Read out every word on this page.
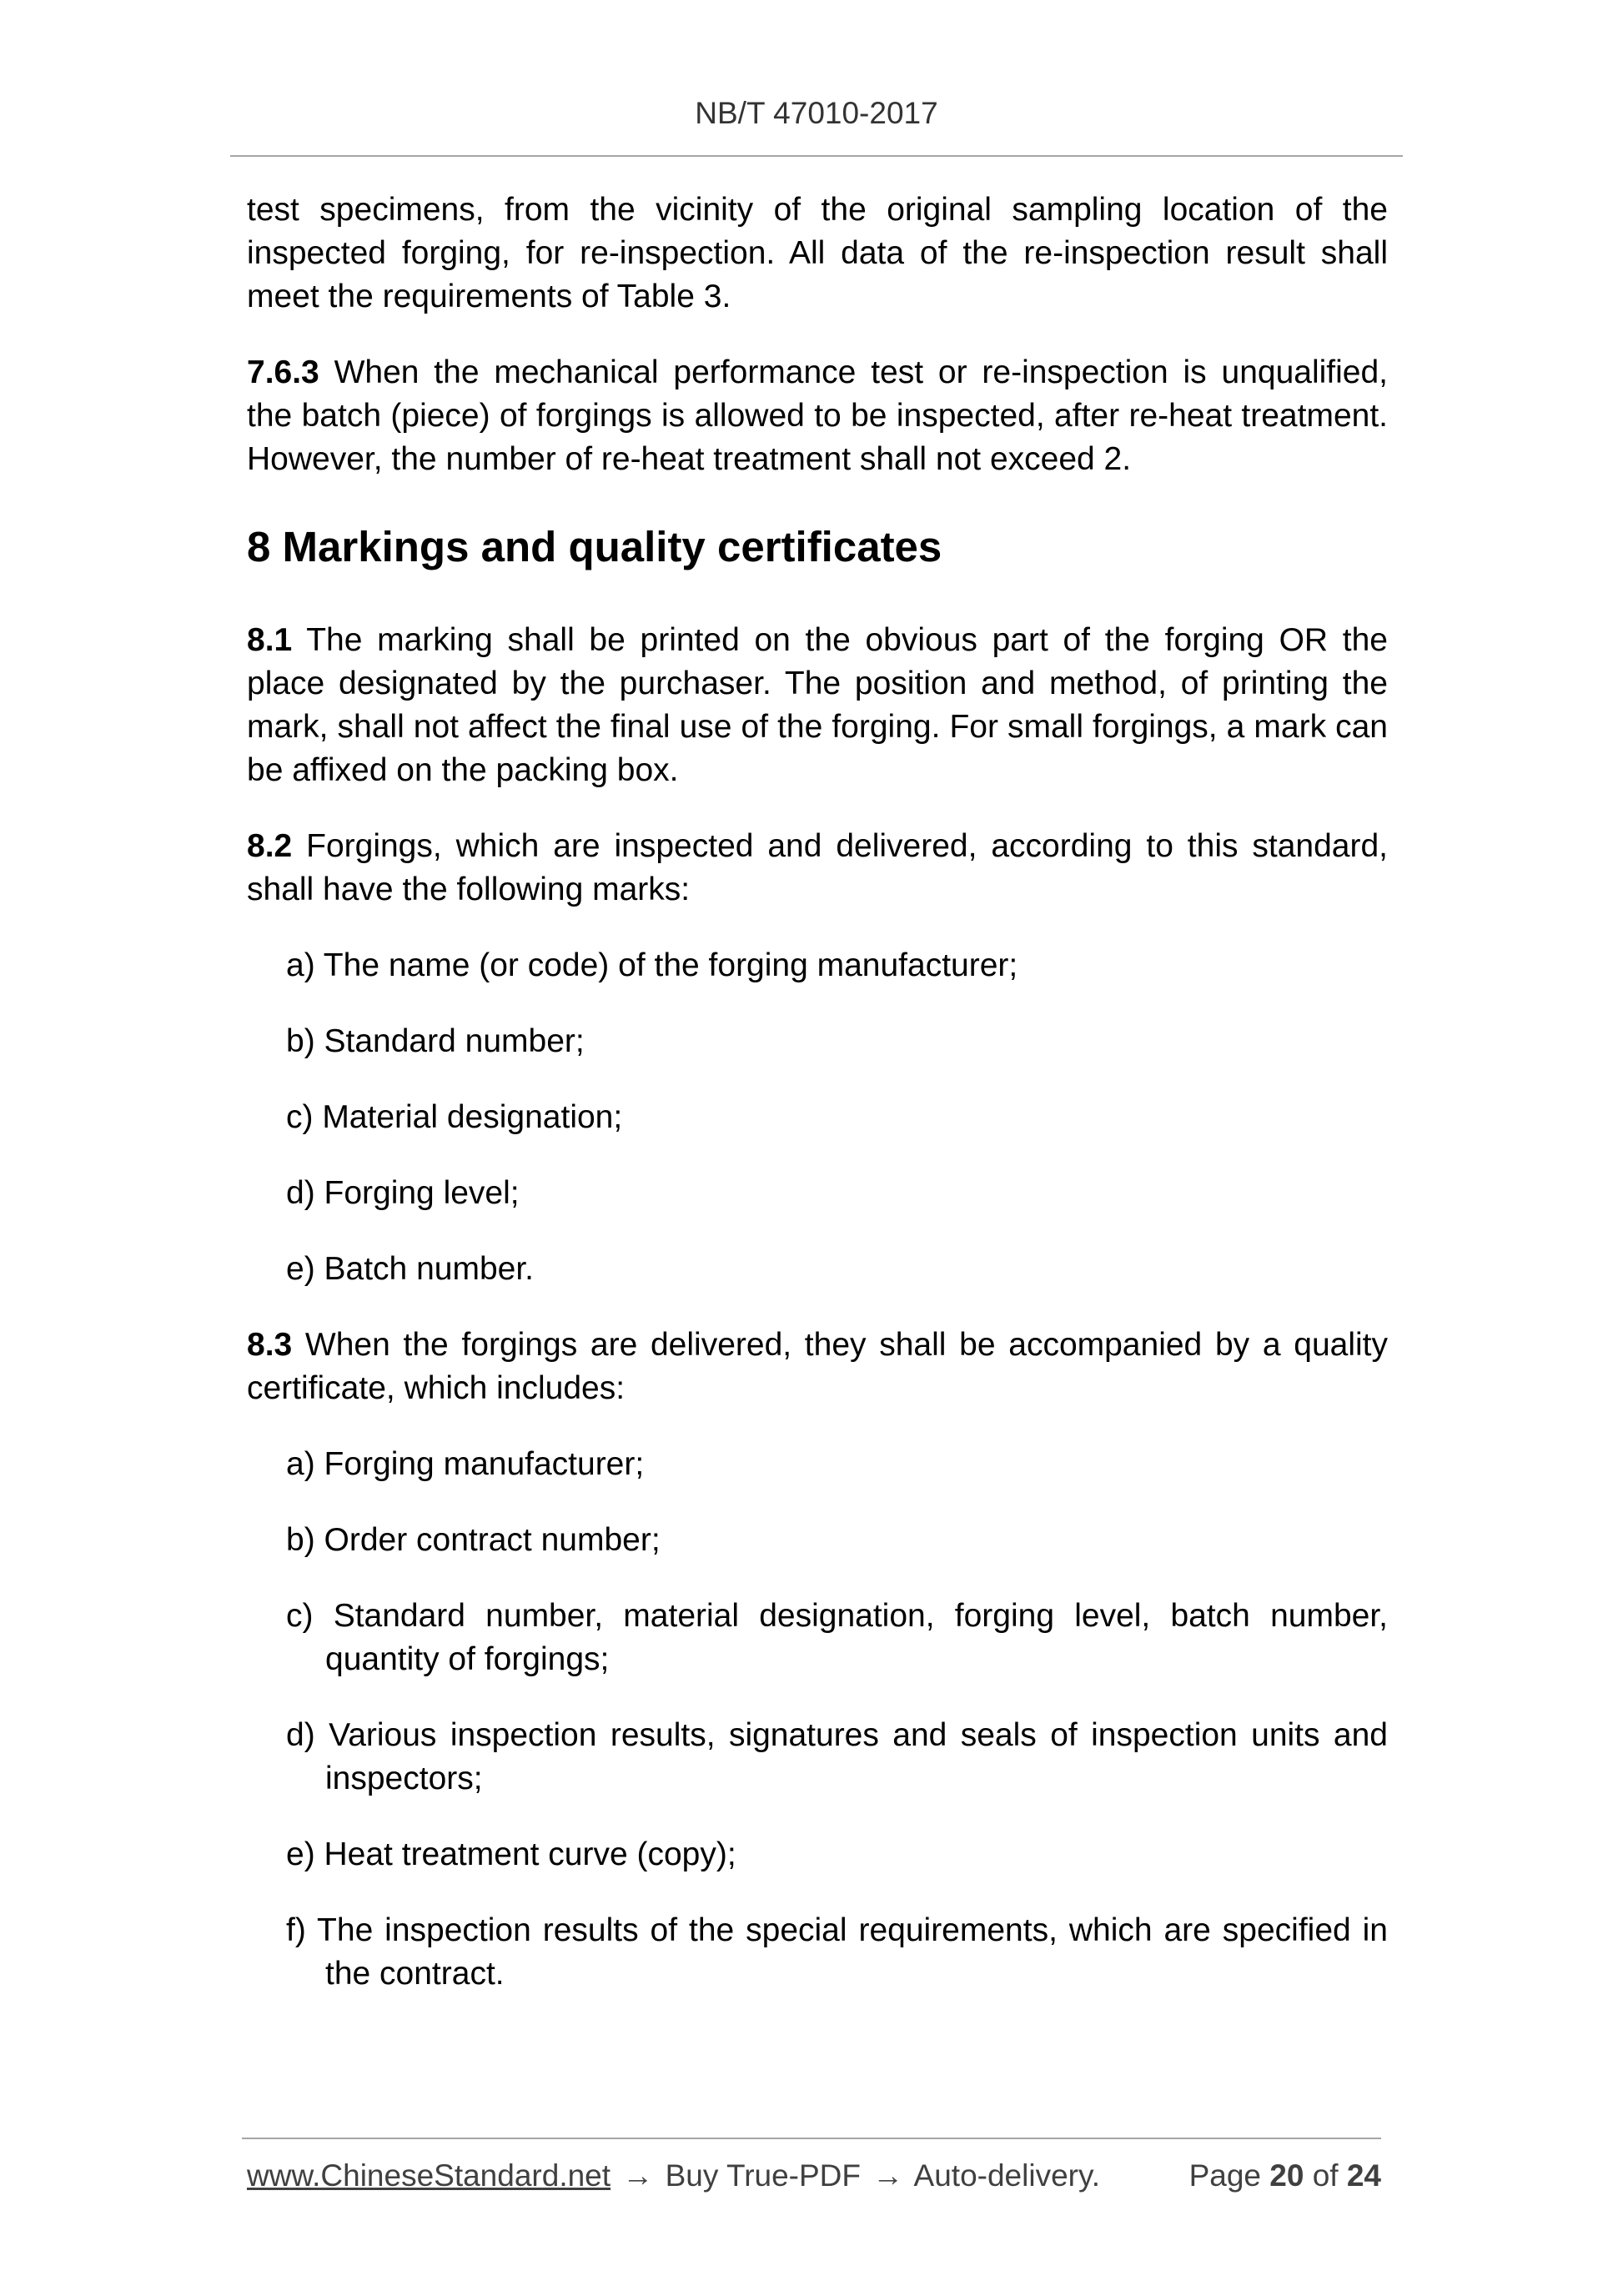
NB/T 47010-2017

test specimens, from the vicinity of the original sampling location of the inspected forging, for re-inspection. All data of the re-inspection result shall meet the requirements of Table 3.

7.6.3 When the mechanical performance test or re-inspection is unqualified, the batch (piece) of forgings is allowed to be inspected, after re-heat treatment. However, the number of re-heat treatment shall not exceed 2.

8 Markings and quality certificates

8.1 The marking shall be printed on the obvious part of the forging OR the place designated by the purchaser. The position and method, of printing the mark, shall not affect the final use of the forging. For small forgings, a mark can be affixed on the packing box.

8.2 Forgings, which are inspected and delivered, according to this standard, shall have the following marks:

a) The name (or code) of the forging manufacturer;
b) Standard number;
c) Material designation;
d) Forging level;
e) Batch number.

8.3 When the forgings are delivered, they shall be accompanied by a quality certificate, which includes:

a) Forging manufacturer;
b) Order contract number;
c) Standard number, material designation, forging level, batch number, quantity of forgings;
d) Various inspection results, signatures and seals of inspection units and inspectors;
e) Heat treatment curve (copy);
f) The inspection results of the special requirements, which are specified in the contract.
www.ChineseStandard.net → Buy True-PDF → Auto-delivery.	Page 20 of 24
